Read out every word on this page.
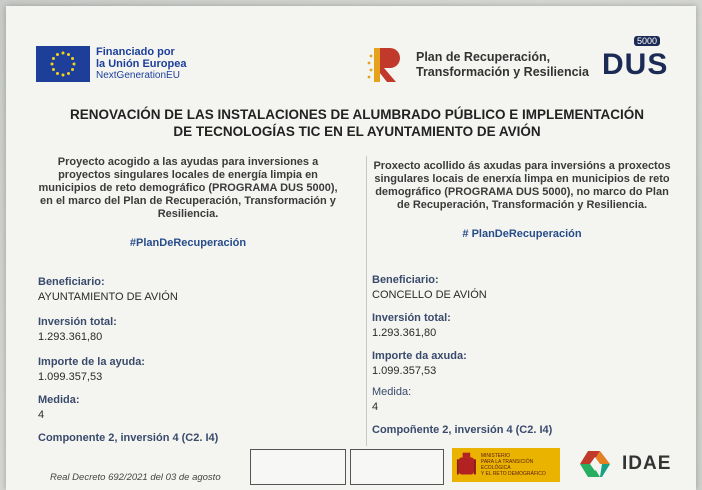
Financiado por
la Unión Europea
NextGenerationEU
Plan de Recuperación,
Transformación y Resiliencia
5000
DUS
RENOVACIÓN DE LAS INSTALACIONES DE ALUMBRADO PÚBLICO E IMPLEMENTACIÓN
DE TECNOLOGÍAS TIC EN EL AYUNTAMIENTO DE AVIÓN
Proyecto acogido a las ayudas para inversiones a proyectos singulares locales de energía limpia en municipios de reto demográfico (PROGRAMA DUS 5000), en el marco del Plan de Recuperación, Transformación y Resiliencia.
#PlanDeRecuperación
Beneficiario:
AYUNTAMIENTO DE AVIÓN
Inversión total:
1.293.361,80
Importe de la ayuda:
1.099.357,53
Medida:
4
Componente 2, inversión 4 (C2. I4)
Proxecto acollido ás axudas para inversións a proxectos singulares locais de enerxía limpa en municipios de reto demográfico (PROGRAMA DUS 5000), no marco do Plan de Recuperación, Transformación y Resiliencia.
# PlanDeRecuperación
Beneficiario:
CONCELLO DE AVIÓN
Inversión total:
1.293.361,80
Importe da axuda:
1.099.357,53
Medida:
4
Compoñente 2, inversión 4 (C2. I4)
Real Decreto 692/2021 del 03 de agosto
MINISTERIO
PARA LA TRANSICIÓN ECOLÓGICA
Y EL RETO DEMOGRÁFICO	IDAE
